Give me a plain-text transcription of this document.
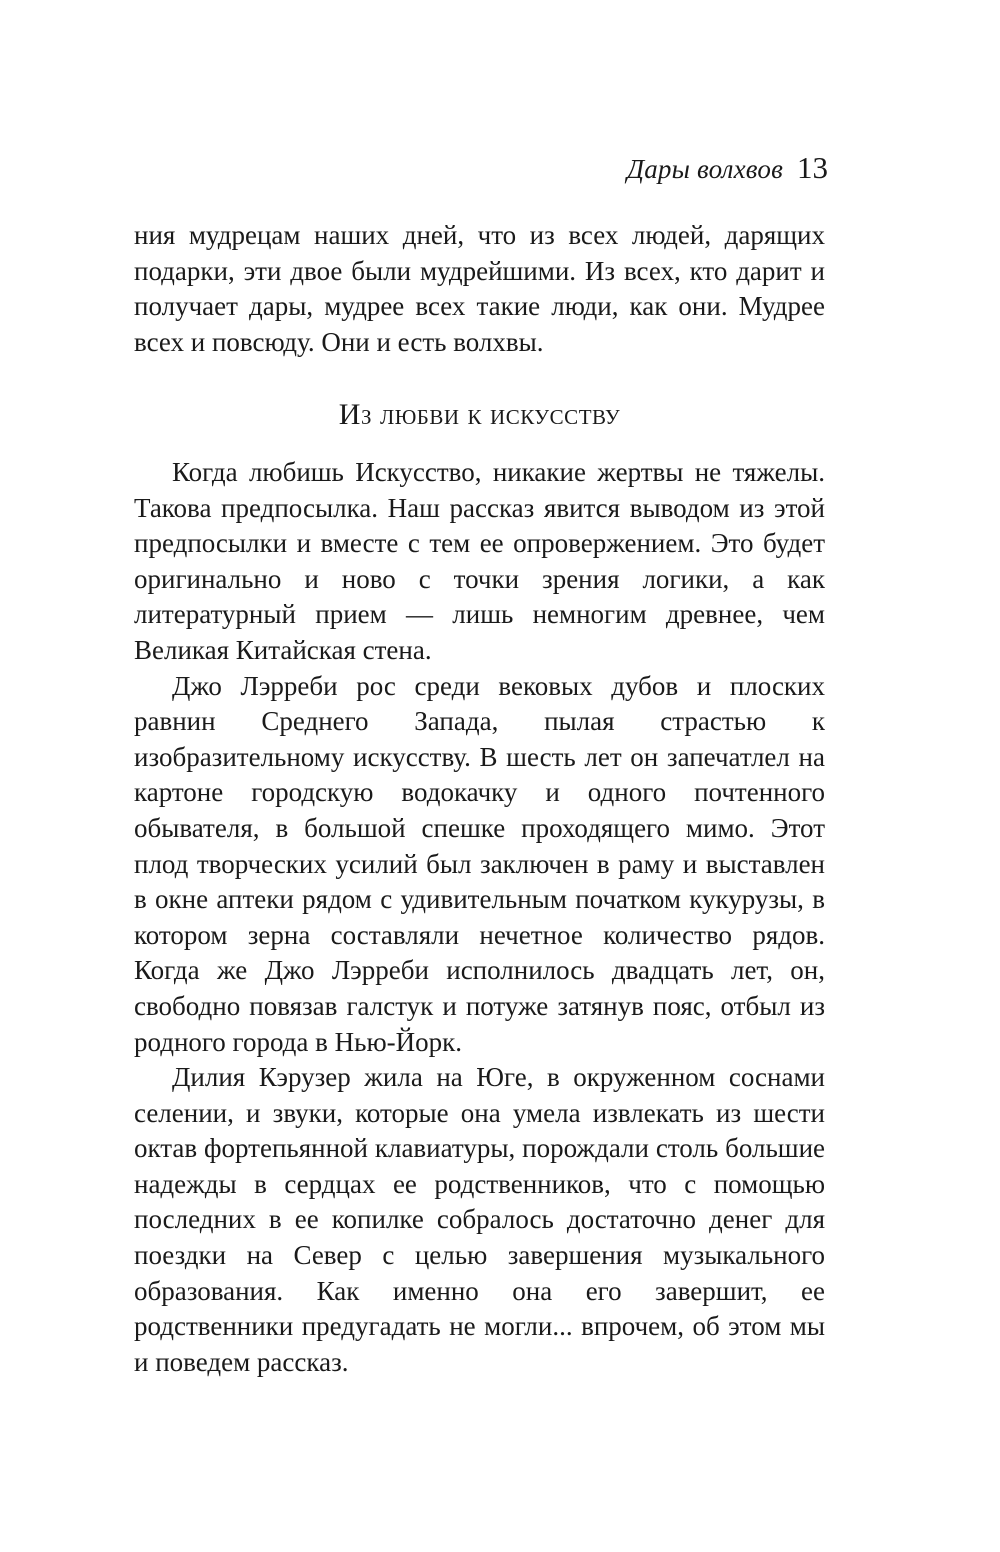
Дары волхвов 13

ния мудрецам наших дней, что из всех людей, дарящих подарки, эти двое были мудрейшими. Из всех, кто дарит и получает дары, мудрее всех такие люди, как они. Мудрее всех и повсюду. Они и есть волхвы.

Из любви к искусству

Когда любишь Искусство, никакие жертвы не тяжелы. Такова предпосылка. Наш рассказ явится выводом из этой предпосылки и вместе с тем ее опровержением. Это будет оригинально и ново с точки зрения логики, а как литературный прием — лишь немногим древнее, чем Великая Китайская стена.

Джо Лэрреби рос среди вековых дубов и плоских равнин Среднего Запада, пылая страстью к изобразительному искусству. В шесть лет он запечатлел на картоне городскую водокачку и одного почтенного обывателя, в большой спешке проходящего мимо. Этот плод творческих усилий был заключен в раму и выставлен в окне аптеки рядом с удивительным початком кукурузы, в котором зерна составляли нечетное количество рядов. Когда же Джо Лэрреби исполнилось двадцать лет, он, свободно повязав галстук и потуже затянув пояс, отбыл из родного города в Нью-Йорк.

Дилия Кэрузер жила на Юге, в окруженном соснами селении, и звуки, которые она умела извлекать из шести октав фортепьянной клавиатуры, порождали столь большие надежды в сердцах ее родственников, что с помощью последних в ее копилке собралось достаточно денег для поездки на Север с целью завершения музыкального образования. Как именно она его завершит, ее родственники предугадать не могли... впрочем, об этом мы и поведем рассказ.
